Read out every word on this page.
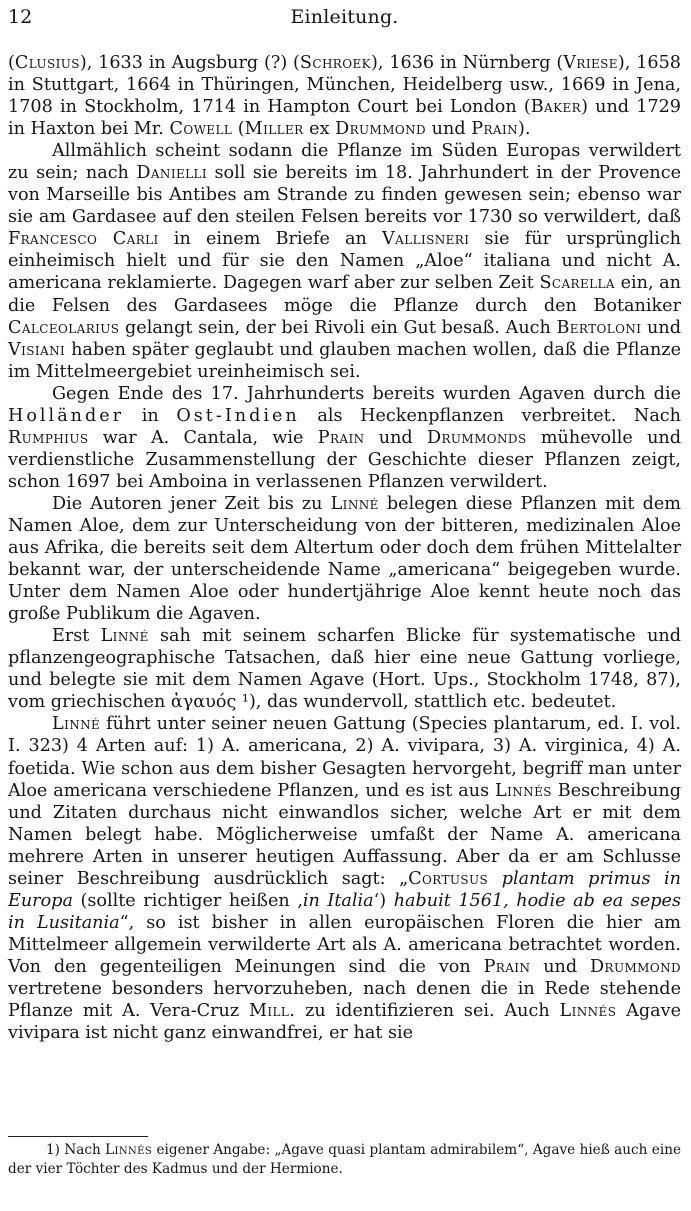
12	Einleitung.

(Clusius), 1633 in Augsburg (?) (Schroek), 1636 in Nürnberg (Vriese), 1658 in Stuttgart, 1664 in Thüringen, München, Heidelberg usw., 1669 in Jena, 1708 in Stockholm, 1714 in Hampton Court bei London (Baker) und 1729 in Haxton bei Mr. Cowell (Miller ex Drummond und Prain).

Allmählich scheint sodann die Pflanze im Süden Europas verwildert zu sein; nach Danielli soll sie bereits im 18. Jahrhundert in der Provence von Marseille bis Antibes am Strande zu finden gewesen sein; ebenso war sie am Gardasee auf den steilen Felsen bereits vor 1730 so verwildert, daß Francesco Carli in einem Briefe an Vallisneri sie für ursprünglich einheimisch hielt und für sie den Namen „Aloe“ italiana und nicht A. americana reklamierte. Dagegen warf aber zur selben Zeit Scarella ein, an die Felsen des Gardasees möge die Pflanze durch den Botaniker Calceolarius gelangt sein, der bei Rivoli ein Gut besaß. Auch Bertoloni und Visiani haben später geglaubt und glauben machen wollen, daß die Pflanze im Mittelmeergebiet ureinheimisch sei.

Gegen Ende des 17. Jahrhunderts bereits wurden Agaven durch die Holländer in Ost-Indien als Heckenpflanzen verbreitet. Nach Rumphius war A. Cantala, wie Prain und Drummonds mühevolle und verdienstliche Zusammenstellung der Geschichte dieser Pflanzen zeigt, schon 1697 bei Amboina in verlassenen Pflanzen verwildert.

Die Autoren jener Zeit bis zu Linné belegen diese Pflanzen mit dem Namen Aloe, dem zur Unterscheidung von der bitteren, medizinalen Aloe aus Afrika, die bereits seit dem Altertum oder doch dem frühen Mittelalter bekannt war, der unterscheidende Name „americana“ beigegeben wurde. Unter dem Namen Aloe oder hundertjährige Aloe kennt heute noch das große Publikum die Agaven.

Erst Linné sah mit seinem scharfen Blicke für systematische und pflanzengeographische Tatsachen, daß hier eine neue Gattung vorliege, und belegte sie mit dem Namen Agave (Hort. Ups., Stockholm 1748, 87), vom griechischen ἀγαυός ¹), das wundervoll, stattlich etc. bedeutet.

Linné führt unter seiner neuen Gattung (Species plantarum, ed. I. vol. I. 323) 4 Arten auf: 1) A. americana, 2) A. vivipara, 3) A. virginica, 4) A. foetida. Wie schon aus dem bisher Gesagten hervorgeht, begriff man unter Aloe americana verschiedene Pflanzen, und es ist aus Linnés Beschreibung und Zitaten durchaus nicht einwandlos sicher, welche Art er mit dem Namen belegt habe. Möglicherweise umfaßt der Name A. americana mehrere Arten in unserer heutigen Auffassung. Aber da er am Schlusse seiner Beschreibung ausdrücklich sagt: „Cortusus plantam primus in Europa (sollte richtiger heißen ‚in Italia‘) habuit 1561, hodie ab ea sepes in Lusitania“, so ist bisher in allen europäischen Floren die hier am Mittelmeer allgemein verwilderte Art als A. americana betrachtet worden. Von den gegenteiligen Meinungen sind die von Prain und Drummond vertretene besonders hervorzuheben, nach denen die in Rede stehende Pflanze mit A. Vera-Cruz Mill. zu identifizieren sei. Auch Linnés Agave vivipara ist nicht ganz einwandfrei, er hat sie

1) Nach Linnés eigener Angabe: „Agave quasi plantam admirabilem“, Agave hieß auch eine der vier Töchter des Kadmus und der Hermione.
